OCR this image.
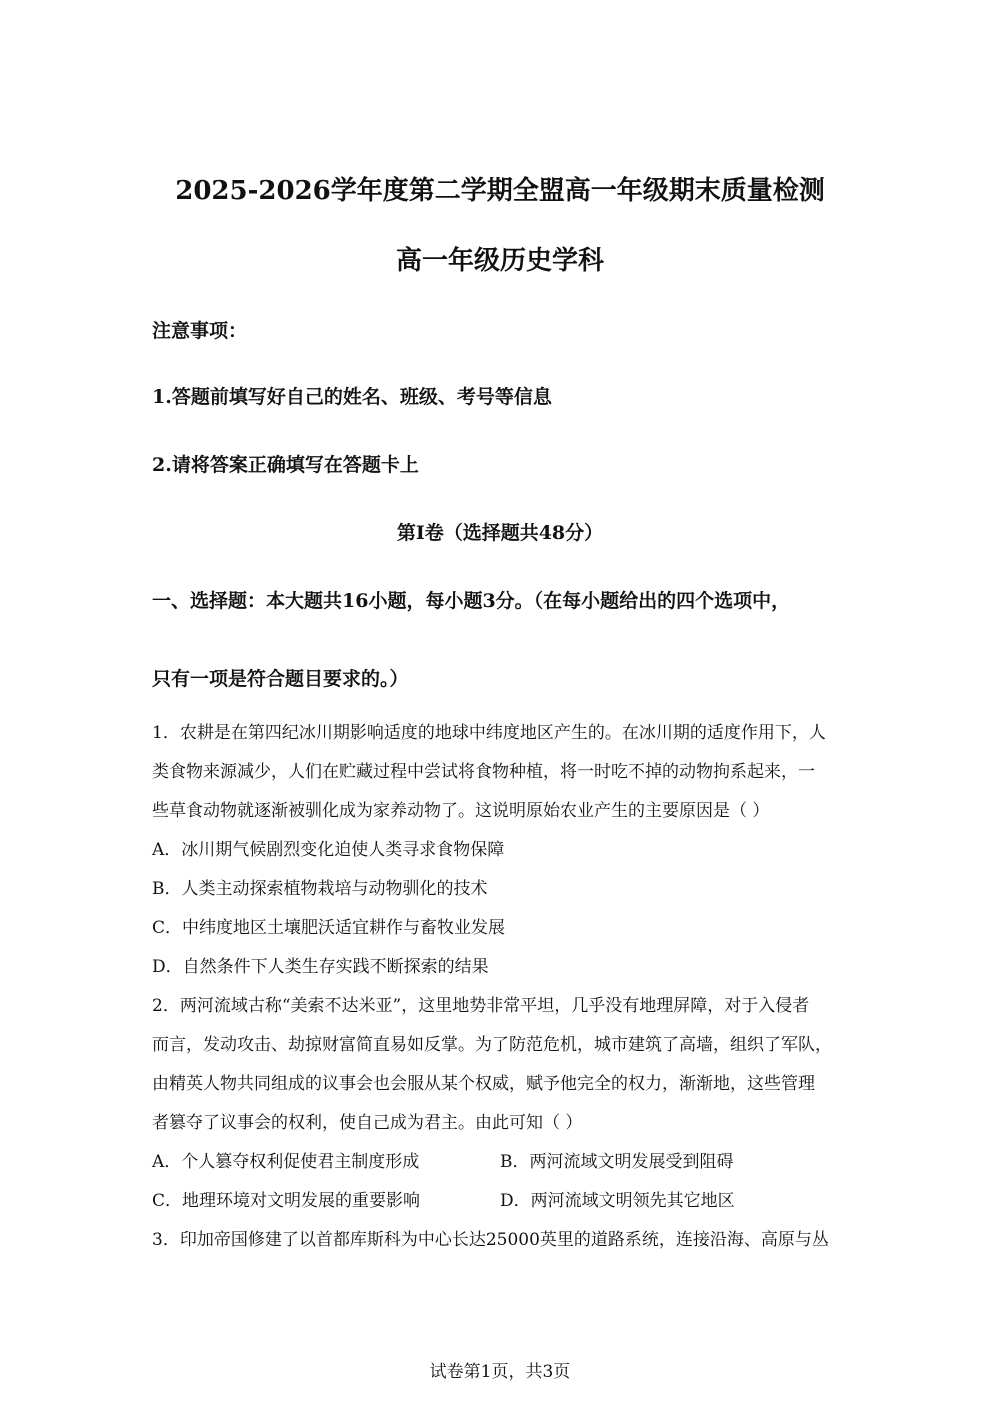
2025-2026学年度第二学期全盟高一年级期末质量检测
高一年级历史学科
注意事项：
1.答题前填写好自己的姓名、班级、考号等信息
2.请将答案正确填写在答题卡上
第Ⅰ卷（选择题共48分）
一、选择题：本大题共16小题，每小题3分。（在每小题给出的四个选项中，
只有一项是符合题目要求的。）
1．农耕是在第四纪冰川期影响适度的地球中纬度地区产生的。在冰川期的适度作用下，人
类食物来源减少，人们在贮藏过程中尝试将食物种植，将一时吃不掉的动物拘系起来，一
些草食动物就逐渐被驯化成为家养动物了。这说明原始农业产生的主要原因是（ ）
A．冰川期气候剧烈变化迫使人类寻求食物保障
B．人类主动探索植物栽培与动物驯化的技术
C．中纬度地区土壤肥沃适宜耕作与畜牧业发展
D．自然条件下人类生存实践不断探索的结果
2．两河流域古称“美索不达米亚”，这里地势非常平坦，几乎没有地理屏障，对于入侵者
而言，发动攻击、劫掠财富简直易如反掌。为了防范危机，城市建筑了高墙，组织了军队，
由精英人物共同组成的议事会也会服从某个权威，赋予他完全的权力，渐渐地，这些管理
者篡夺了议事会的权利，使自己成为君主。由此可知（ ）
A．个人篡夺权利促使君主制度形成	B．两河流域文明发展受到阻碍
C．地理环境对文明发展的重要影响	D．两河流域文明领先其它地区
3．印加帝国修建了以首都库斯科为中心长达25000英里的道路系统，连接沿海、高原与丛
试卷第1页，共3页
